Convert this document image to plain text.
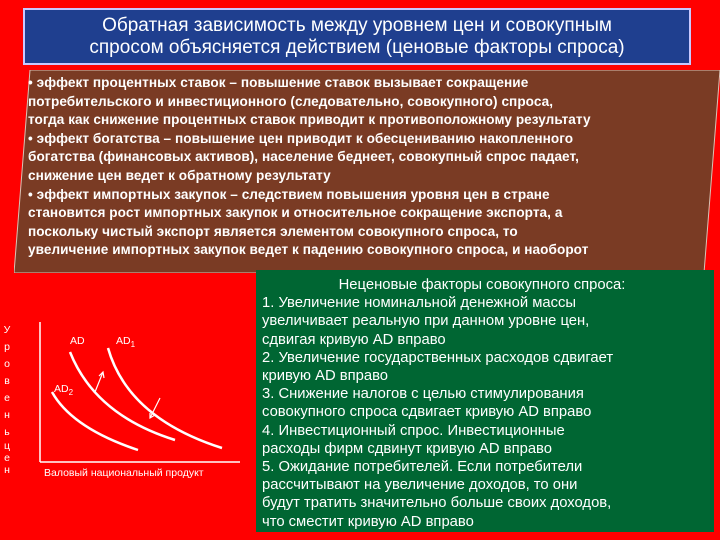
Обратная зависимость между уровнем цен и совокупным
спросом объясняется действием (ценовые факторы спроса)
• эффект процентных ставок – повышение ставок вызывает сокращение
потребительского и инвестиционного (следовательно, совокупного) спроса,
тогда как снижение процентных ставок приводит к противоположному результату
• эффект богатства – повышение цен приводит к обесцениванию накопленного
богатства (финансовых активов), население беднеет, совокупный спрос падает,
снижение цен ведет к обратному результату
• эффект импортных закупок – следствием повышения уровня цен в стране
становится рост импортных закупок и относительное сокращение экспорта, а
поскольку чистый экспорт является элементом совокупного спроса, то
увеличение импортных закупок ведет к падению совокупного спроса, и наоборот
У
р
о
в
е
н
ь
ц
е
н
AD	$AD_1$
$AD_2$
Валовый национальный продукт
Неценовые факторы совокупного спроса:
1. Увеличение номинальной денежной массы
увеличивает реальную при данном уровне цен,
сдвигая кривую AD вправо
2. Увеличение государственных расходов сдвигает
кривую AD вправо
3. Снижение налогов с целью стимулирования
совокупного спроса сдвигает кривую AD вправо
4. Инвестиционный спрос. Инвестиционные
расходы фирм сдвинут кривую AD вправо
5. Ожидание потребителей. Если потребители
рассчитывают на увеличение доходов, то они
будут тратить значительно больше своих доходов,
что сместит кривую AD вправо
